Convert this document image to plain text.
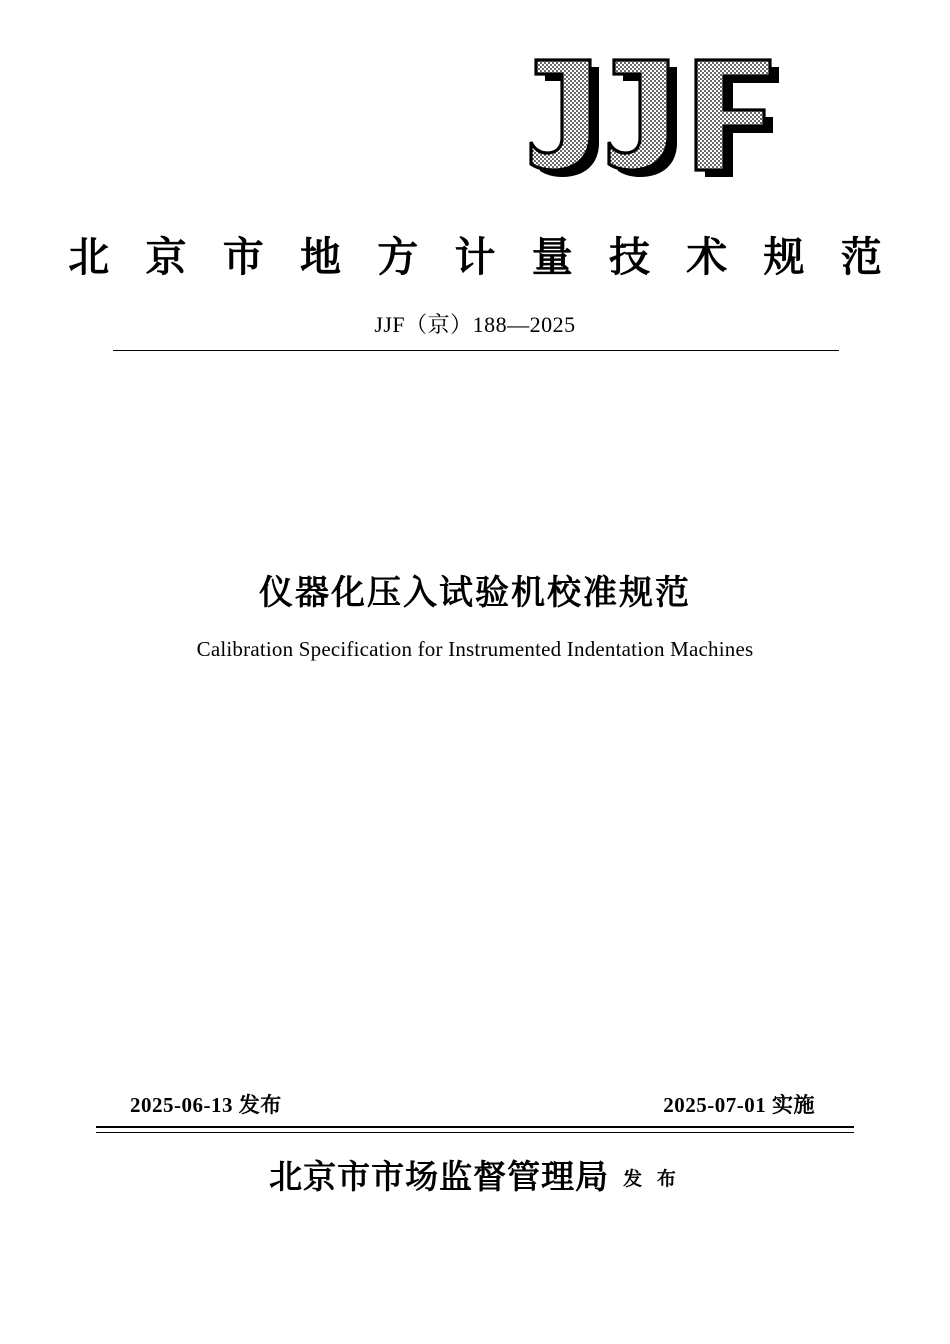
北 京 市 地 方 计 量 技 术 规 范
JJF（京）188—2025
仪器化压入试验机校准规范
Calibration Specification for Instrumented Indentation Machines
2025-06-13 发布	2025-07-01 实施
北京市市场监督管理局 发 布
